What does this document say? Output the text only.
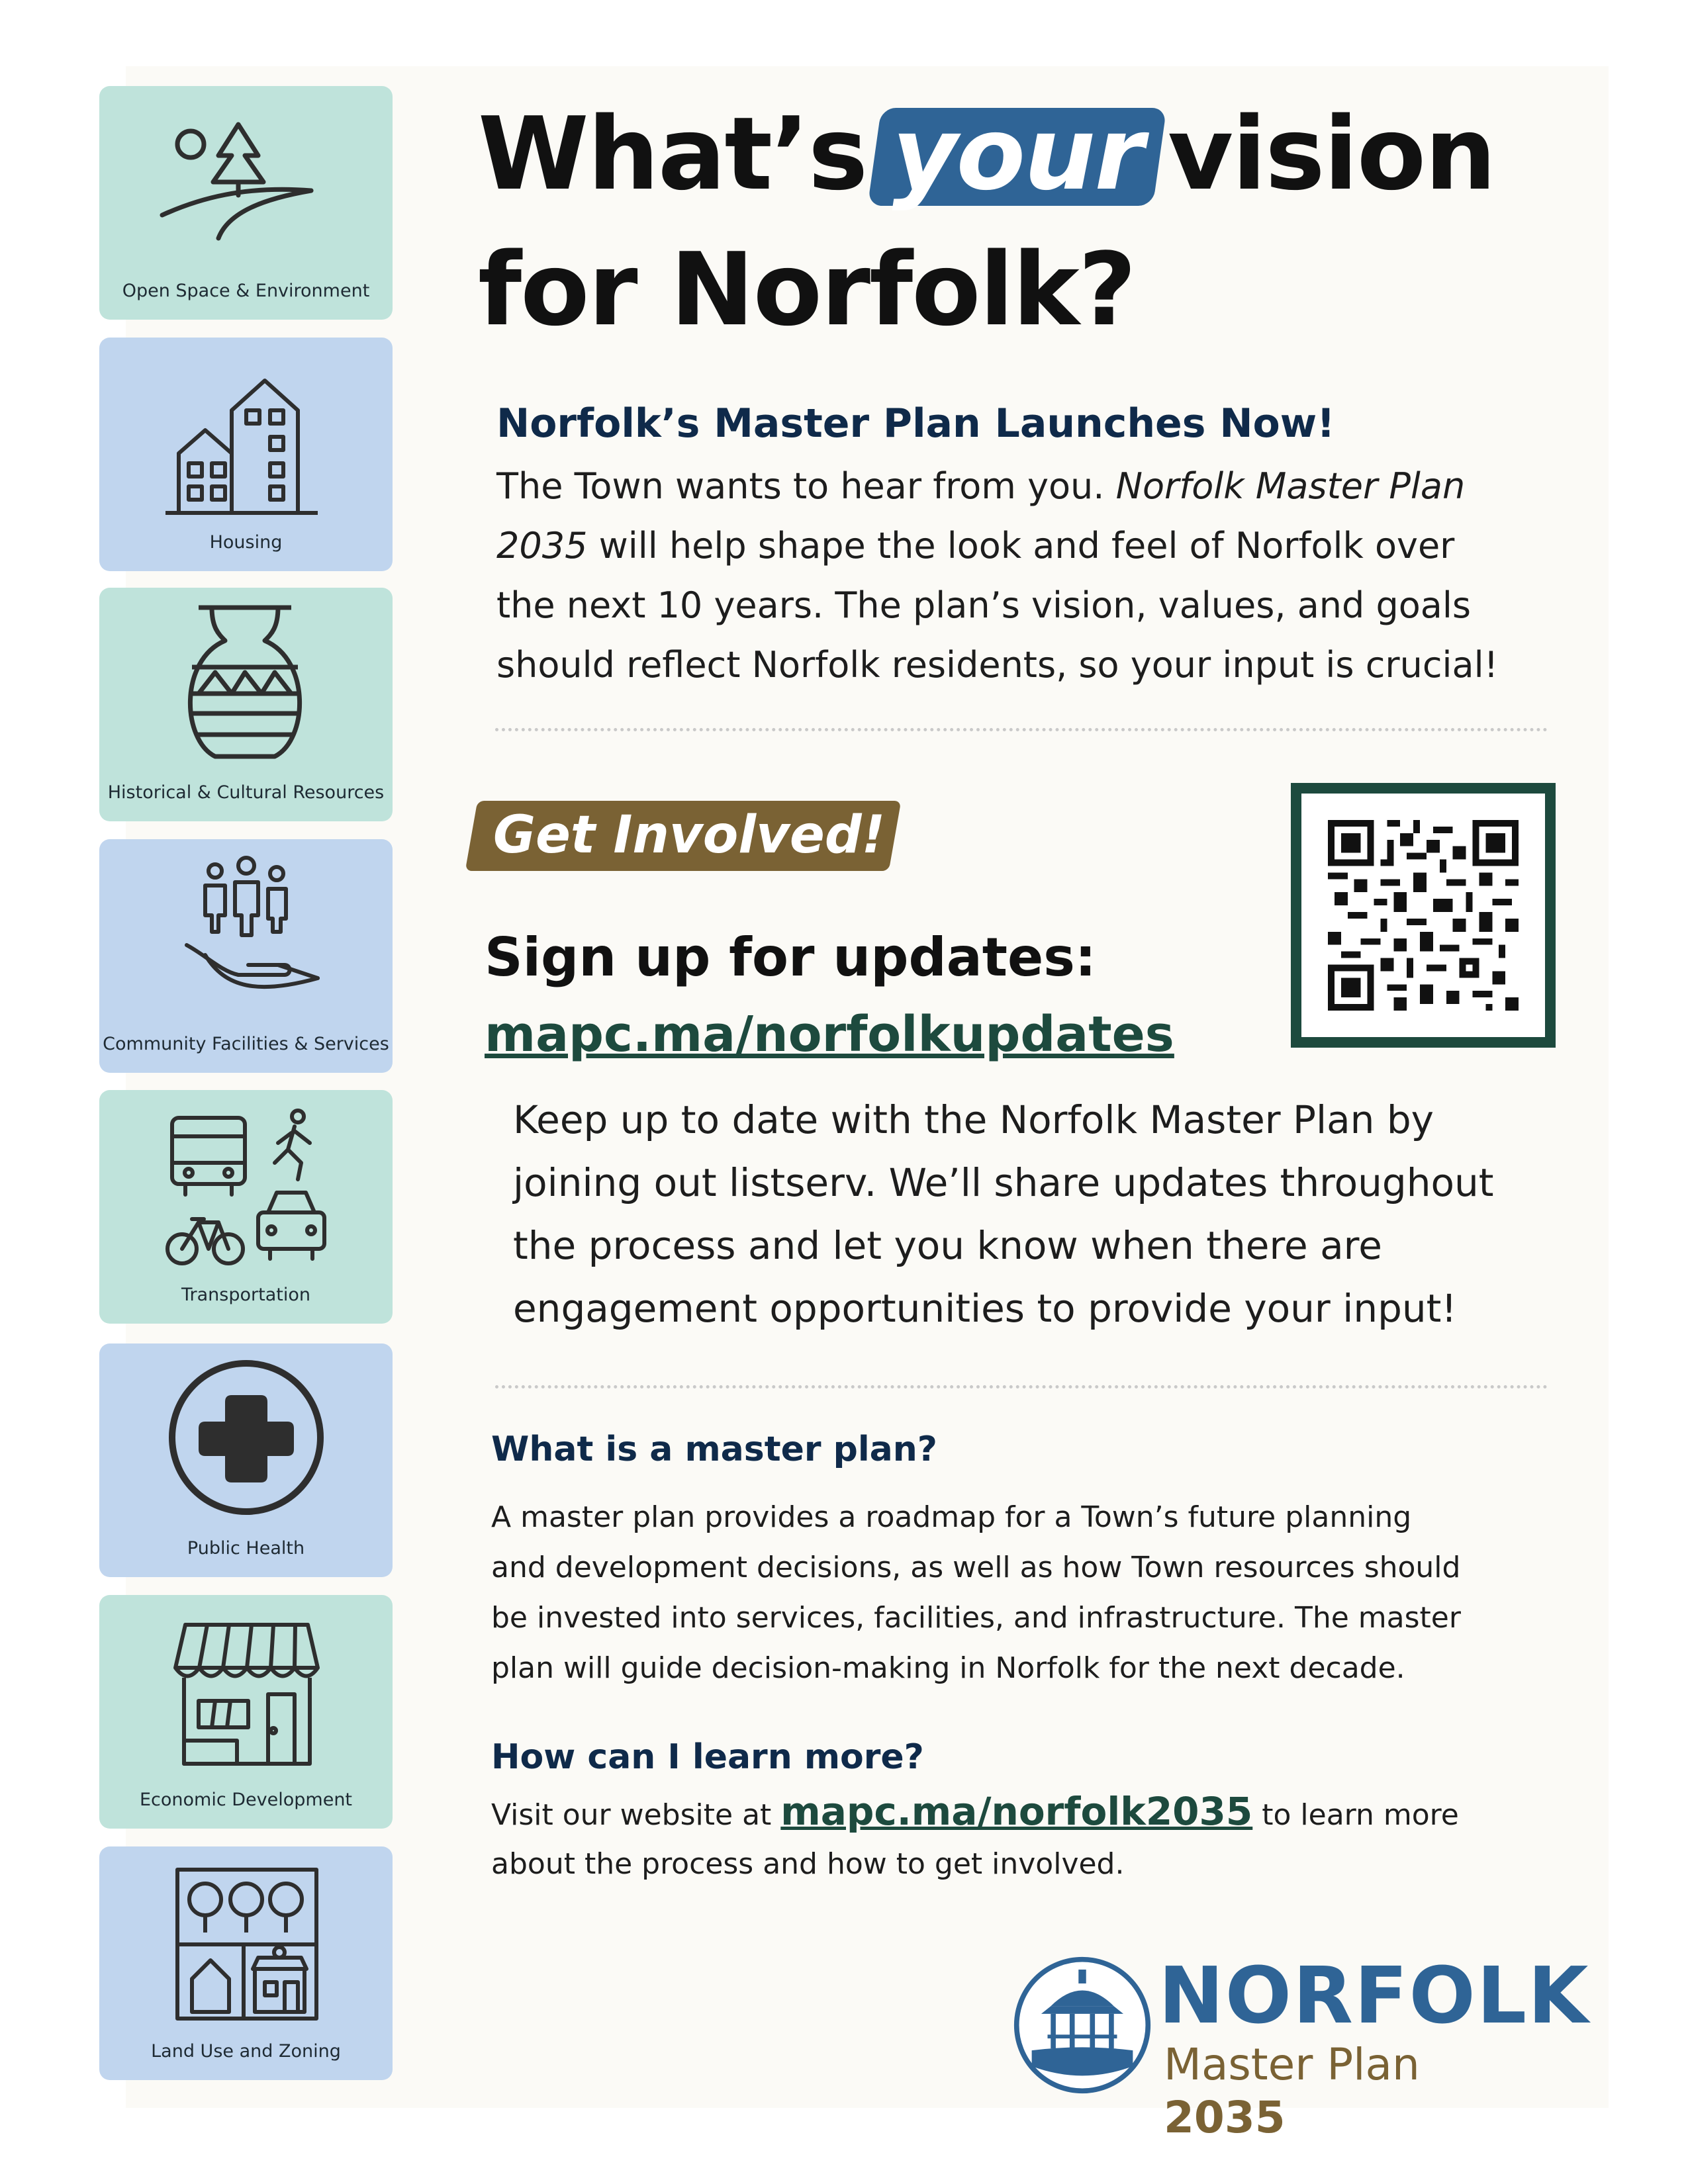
Open Space & Environment
Housing
Historical & Cultural Resources
Community Facilities & Services
Transportation
Public Health
Economic Development
Land Use and Zoning
What’s your vision
for Norfolk?
Norfolk’s Master Plan Launches Now!
The Town wants to hear from you. Norfolk Master Plan
2035 will help shape the look and feel of Norfolk over
the next 10 years. The plan’s vision, values, and goals
should reflect Norfolk residents, so your input is crucial!
Get Involved!
Sign up for updates:
mapc.ma/norfolkupdates
Keep up to date with the Norfolk Master Plan by
joining out listserv. We’ll share updates throughout
the process and let you know when there are
engagement opportunities to provide your input!
What is a master plan?
A master plan provides a roadmap for a Town’s future planning
and development decisions, as well as how Town resources should
be invested into services, facilities, and infrastructure. The master
plan will guide decision-making in Norfolk for the next decade.
How can I learn more?
Visit our website at mapc.ma/norfolk2035 to learn more
about the process and how to get involved.
NORFOLK
Master Plan 2035
